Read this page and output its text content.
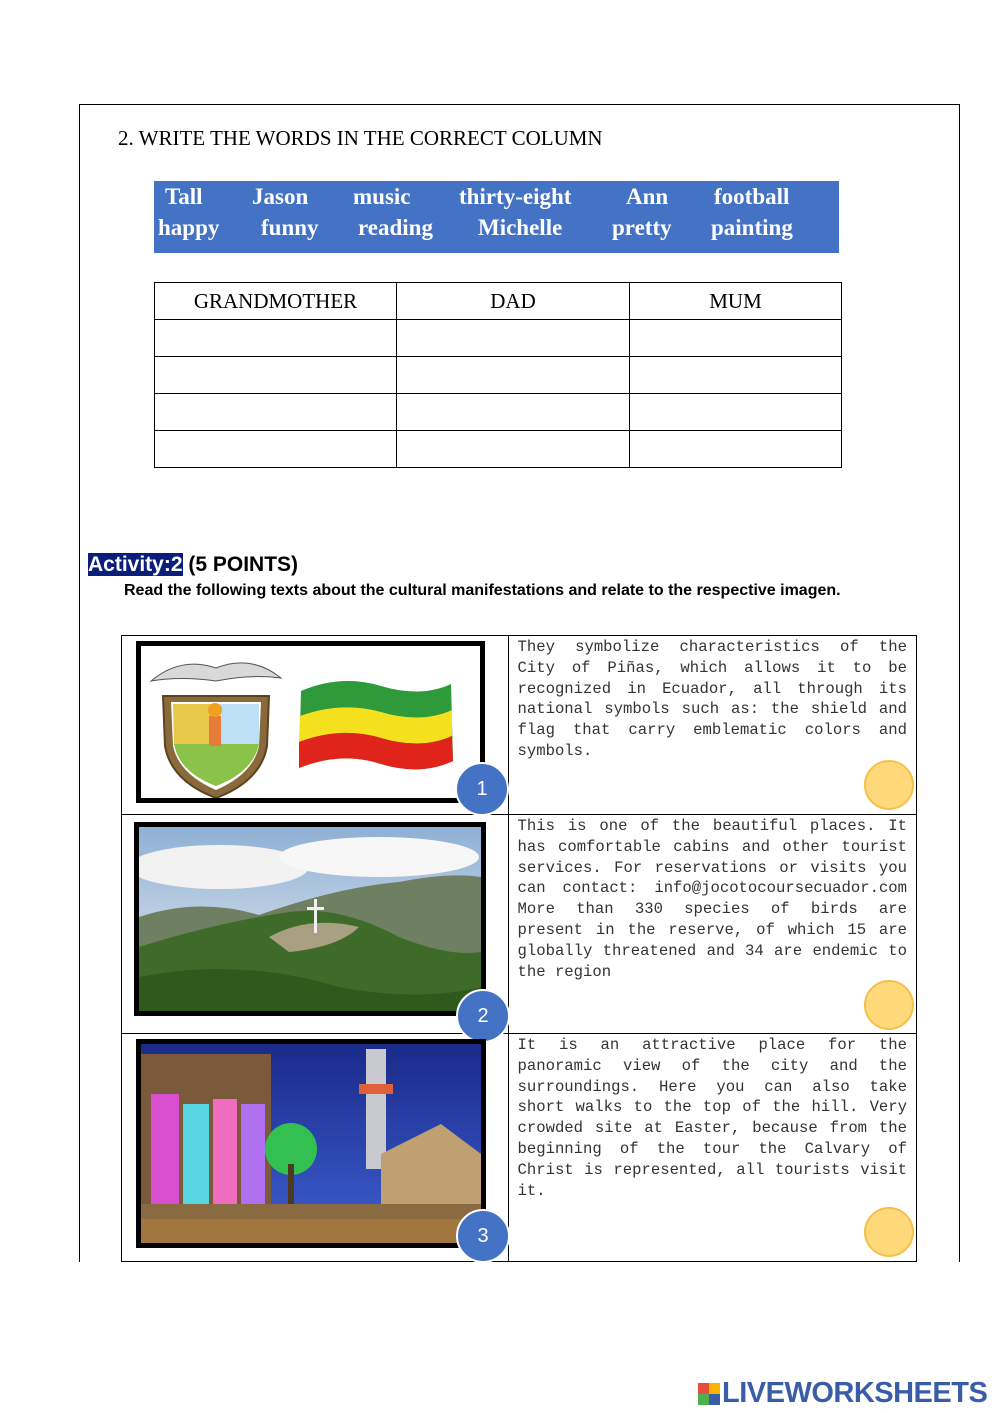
2. WRITE THE WORDS IN THE CORRECT COLUMN
Tall Jason music thirty-eight Ann football
happy funny reading Michelle pretty painting
GRANDMOTHER	DAD	MUM

Activity:2 (5 POINTS)
Read the following texts about the cultural manifestations and relate to the respective imagen.
1	They symbolize characteristics of the City of Piñas, which allows it to be recognized in Ecuador, all through its national symbols such as: the shield and flag that carry emblematic colors and symbols.

2	This is one of the beautiful places. It has comfortable cabins and other tourist services. For reservations or visits you can contact: info@jocotocoursecuador.com More than 330 species of birds are present in the reserve, of which 15 are globally threatened and 34 are endemic to the region

3	It is an attractive place for the panoramic view of the city and the surroundings. Here you can also take short walks to the top of the hill. Very crowded site at Easter, because from the beginning of the tour the Calvary of Christ is represented, all tourists visit it.
LIVEWORKSHEETS
